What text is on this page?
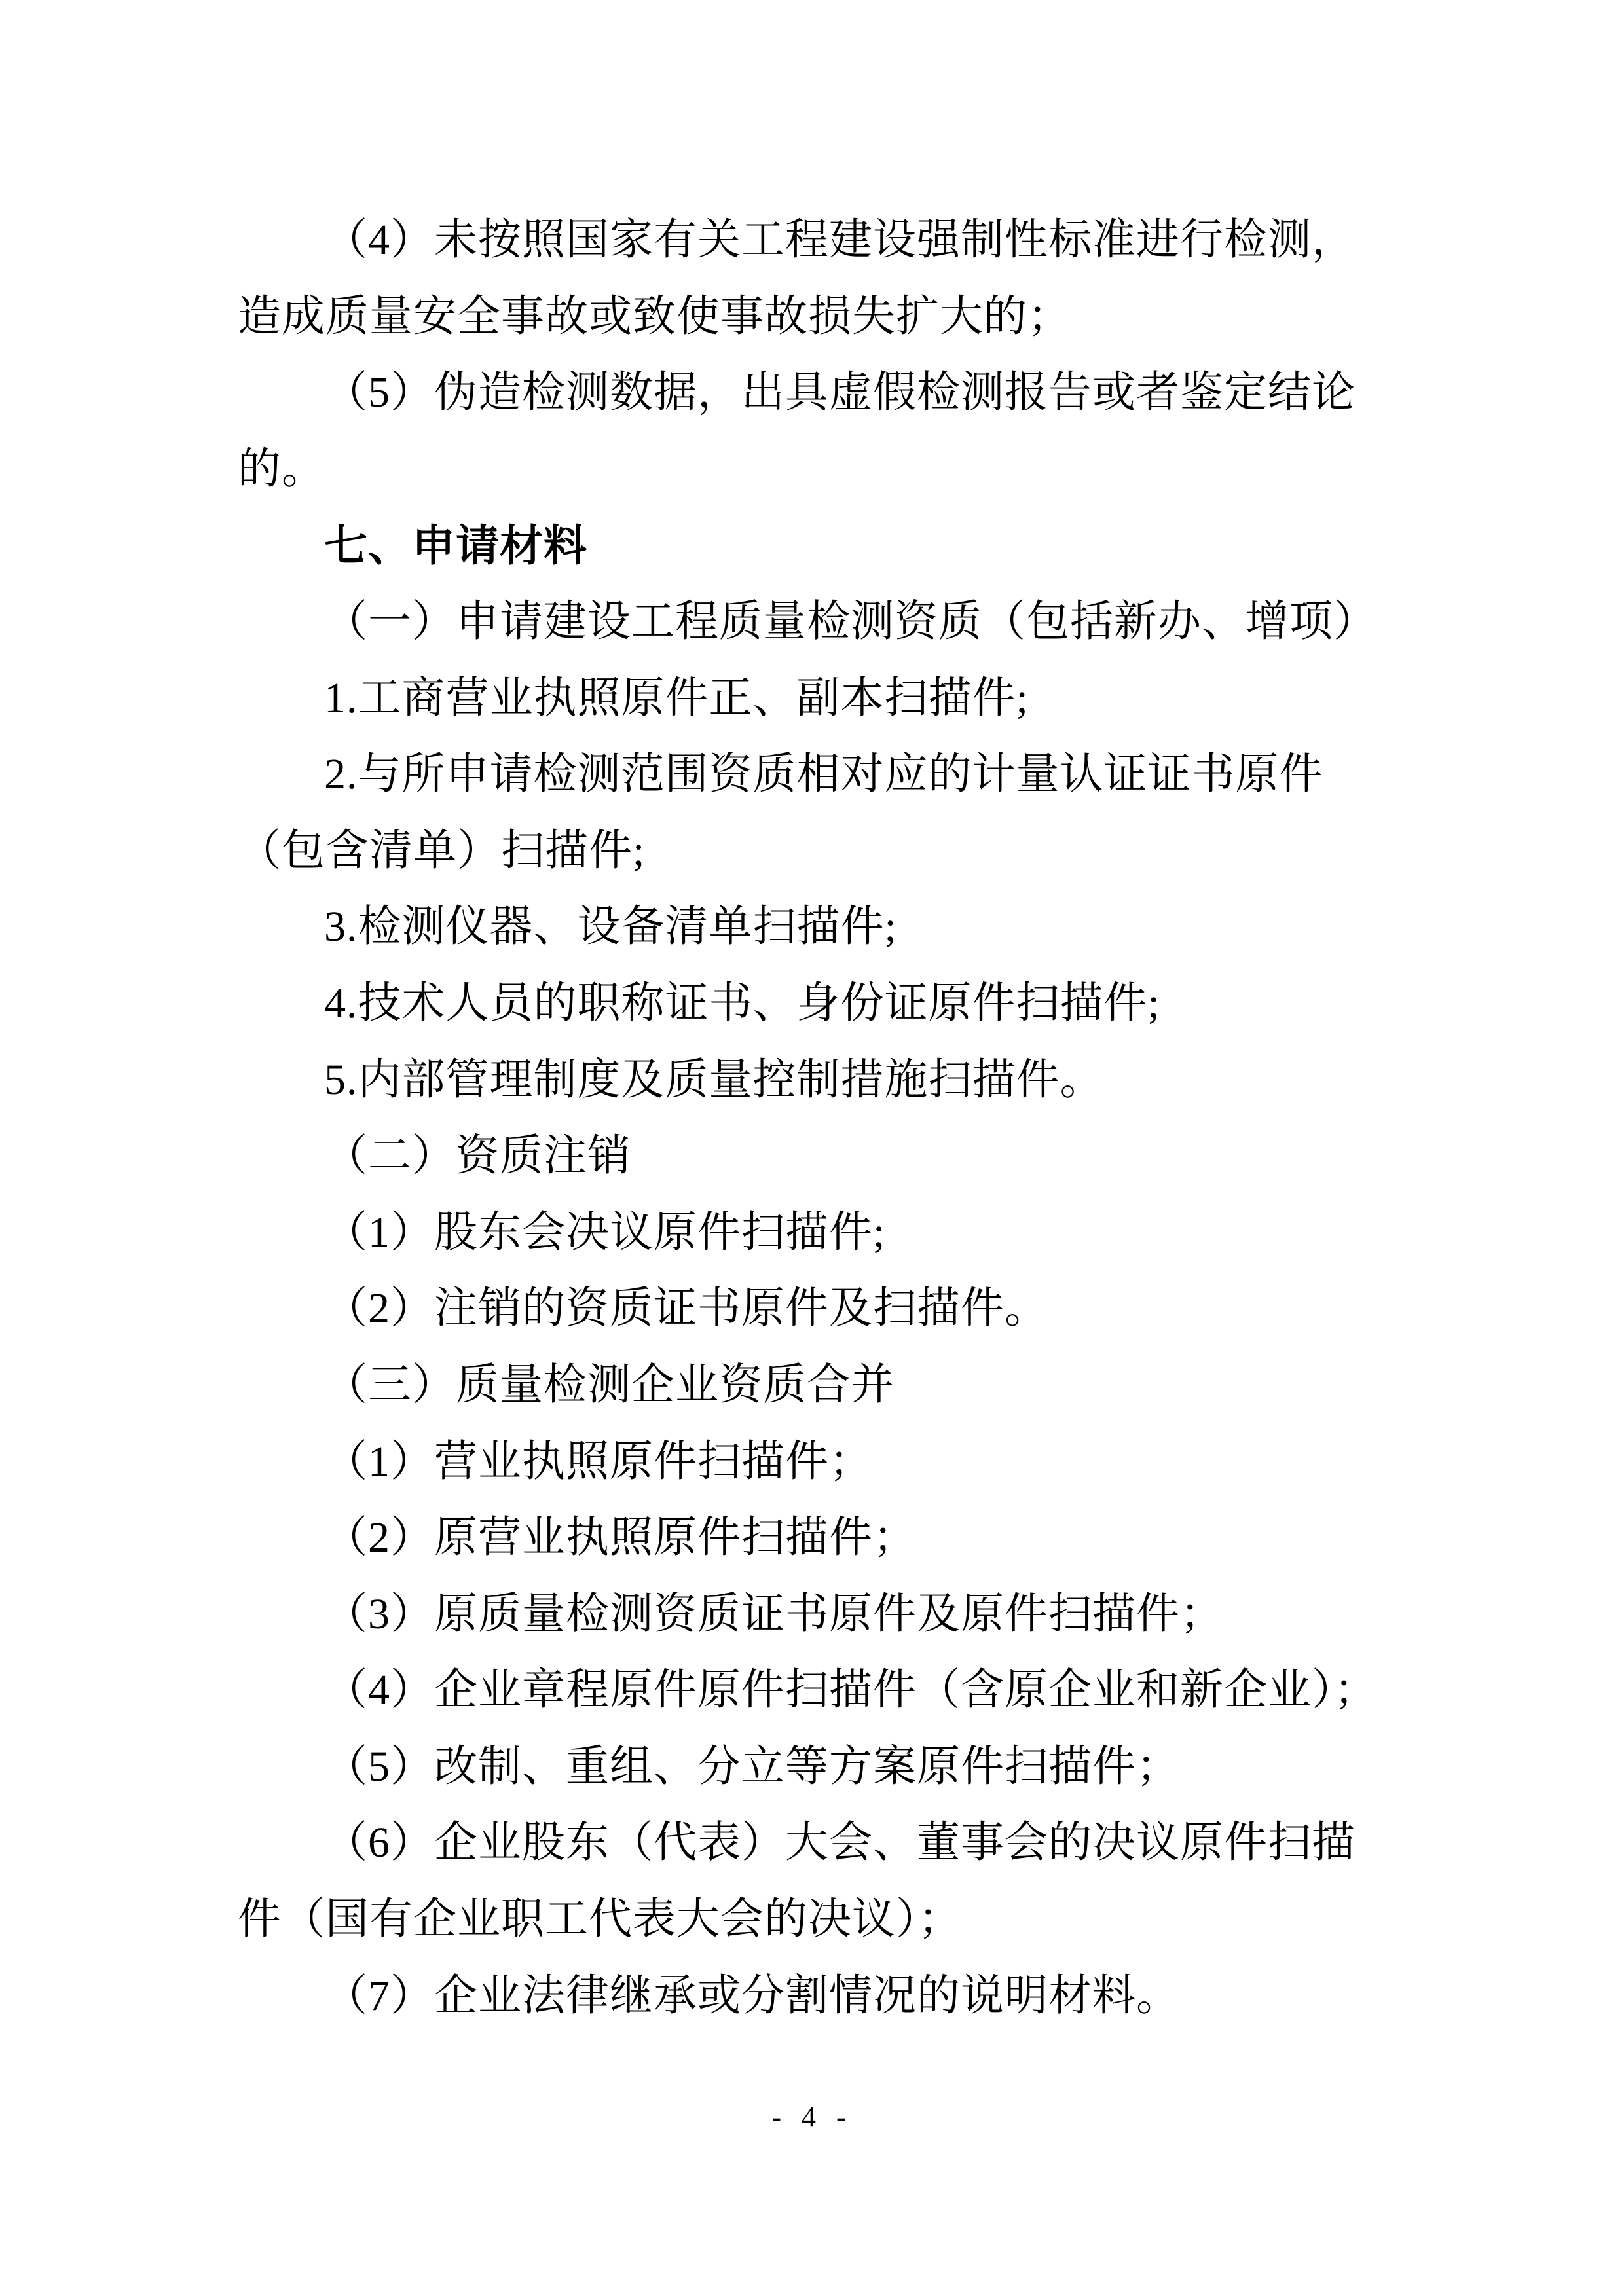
（4）未按照国家有关工程建设强制性标准进行检测，
造成质量安全事故或致使事故损失扩大的；
（5）伪造检测数据，出具虚假检测报告或者鉴定结论
的。
七、申请材料
（一）申请建设工程质量检测资质（包括新办、增项）
1.工商营业执照原件正、副本扫描件;
2.与所申请检测范围资质相对应的计量认证证书原件
（包含清单）扫描件;
3.检测仪器、设备清单扫描件;
4.技术人员的职称证书、身份证原件扫描件;
5.内部管理制度及质量控制措施扫描件。
（二）资质注销
（1）股东会决议原件扫描件;
（2）注销的资质证书原件及扫描件。
（三）质量检测企业资质合并
（1）营业执照原件扫描件；
（2）原营业执照原件扫描件；
（3）原质量检测资质证书原件及原件扫描件；
（4）企业章程原件原件扫描件（含原企业和新企业）；
（5）改制、重组、分立等方案原件扫描件；
（6）企业股东（代表）大会、董事会的决议原件扫描
件（国有企业职工代表大会的决议）；
（7）企业法律继承或分割情况的说明材料。
- 4 -
